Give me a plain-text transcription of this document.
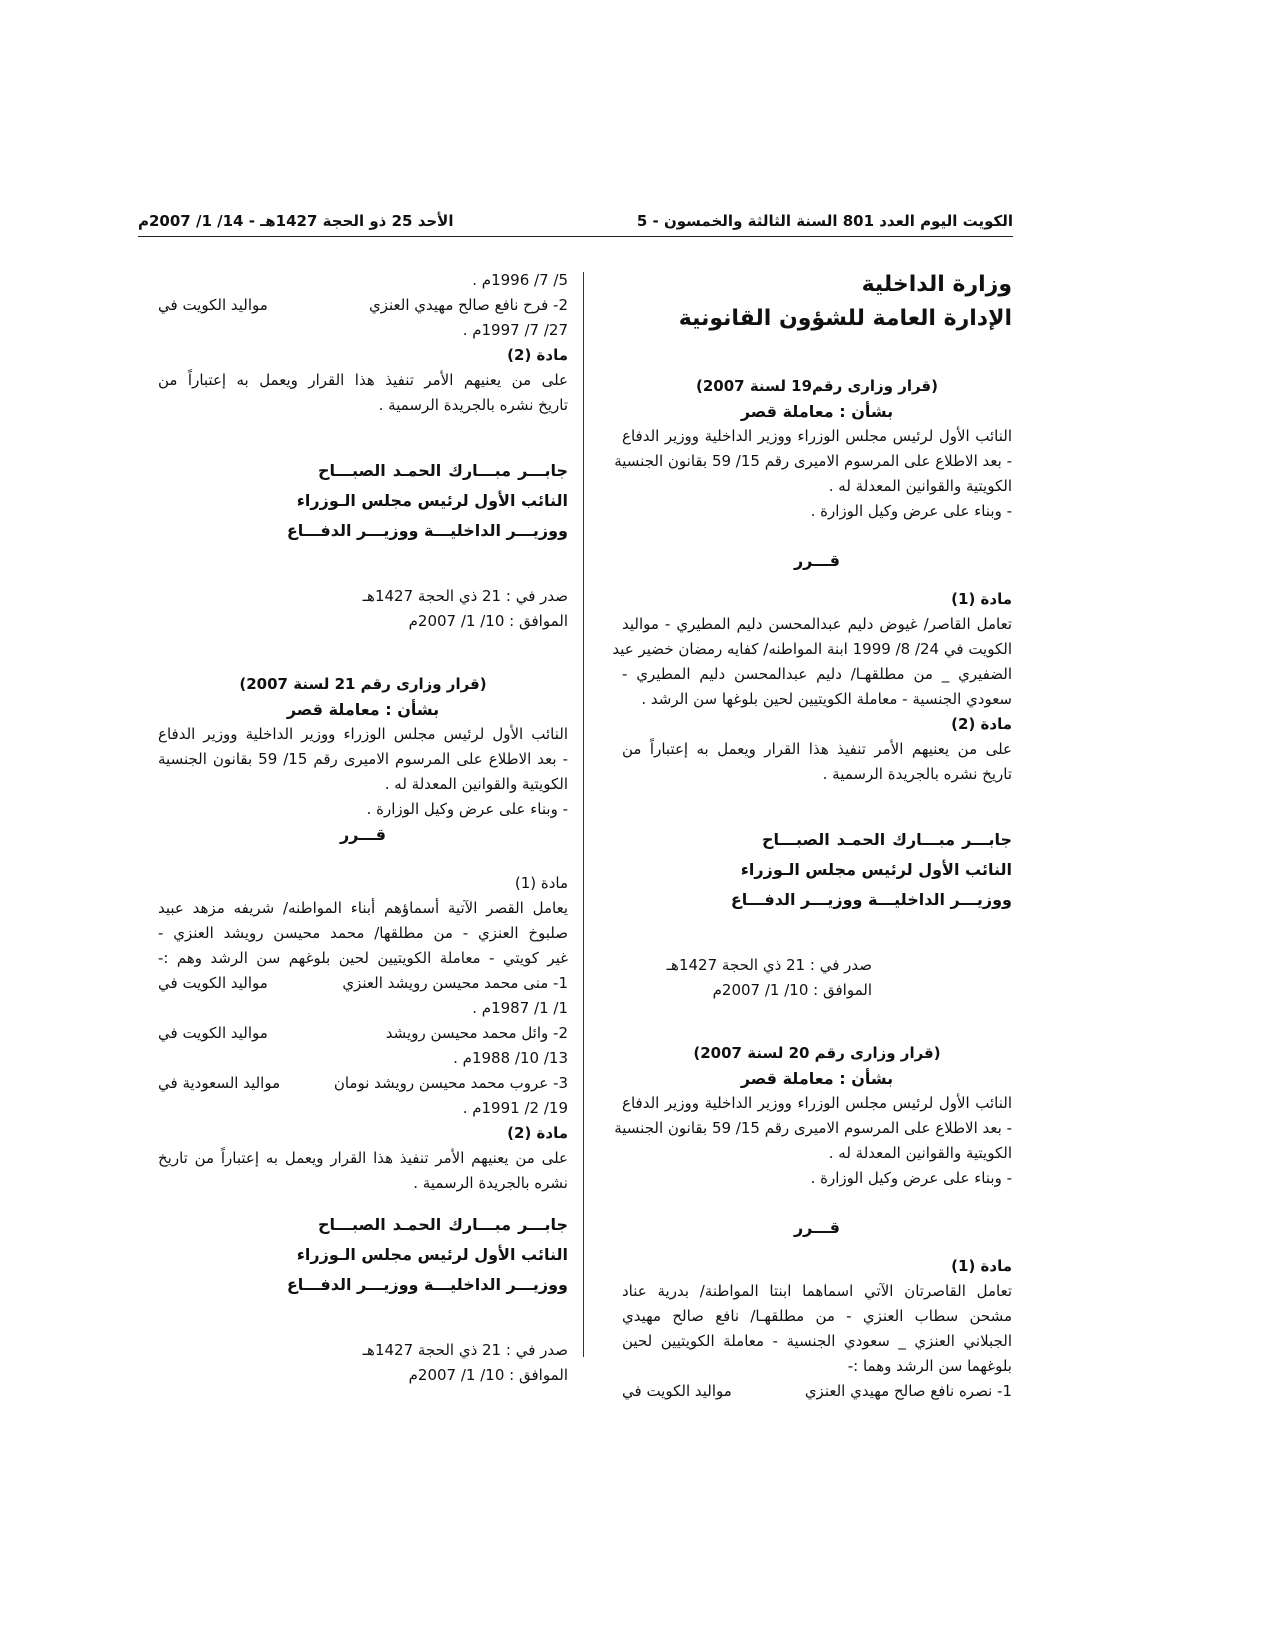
الكويت اليوم العدد 801 السنة الثالثة والخمسون - 5
الأحد 25 ذو الحجة 1427هـ - 14/ 1/ 2007م
وزارة الداخلية
الإدارة العامة للشؤون القانونية
(قرار وزارى رقم19 لسنة 2007)
بشأن : معاملة قصر

النائب الأول لرئيس مجلس الوزراء ووزير الداخلية ووزير الدفاع

- بعد الاطلاع على المرسوم الاميرى رقم 15/ 59 بقانون الجنسية

الكويتية والقوانين المعدلة له .

- وبناء على عرض وكيل الوزارة .

قـــرر

مادة (1)

تعامل القاصر/ غيوض دليم عبدالمحسن دليم المطيري - مواليد

الكويت في 24/ 8/ 1999 ابنة المواطنه/ كفايه رمضان خضير عيد

الضفيري _ من مطلقهـا/ دليم عبدالمحسن دليم المطيري -

سعودي الجنسية - معاملة الكويتيين لحين بلوغها سن الرشد .

مادة (2)

على من يعنيهم الأمر تنفيذ هذا القرار ويعمل به إعتباراً من

تاريخ نشره بالجريدة الرسمية .

جابـــر مبـــارك الحمـد الصبـــاح
النائب الأول لرئيس مجلس الـوزراء
ووزيـــر الداخليـــة ووزيـــر الدفـــاع

صدر في : 21 ذي الحجة 1427هـ

الموافق : 10/ 1/ 2007م

(قرار وزارى رقم 20 لسنة 2007)
بشأن : معاملة قصر

النائب الأول لرئيس مجلس الوزراء ووزير الداخلية ووزير الدفاع

- بعد الاطلاع على المرسوم الاميرى رقم 15/ 59 بقانون الجنسية

الكويتية والقوانين المعدلة له .

- وبناء على عرض وكيل الوزارة .

قـــرر

مادة (1)

تعامل القاصرتان الآتي اسماهما ابنتا المواطنة/ بدرية عناد

مشحن سطاب العنزي - من مطلقهـا/ نافع صالح مهيدي

الجبلاني العنزي _ سعودي الجنسية - معاملة الكويتيين لحين

بلوغهما سن الرشد وهما :-

1- نصره نافع صالح مهيدي العنزي
مواليد الكويت في

5/ 7/ 1996م .

2- فرح نافع صالح مهيدي العنزي
مواليد الكويت في

27/ 7/ 1997م .

مادة (2)

على من يعنيهم الأمر تنفيذ هذا القرار ويعمل به إعتباراً من

تاريخ نشره بالجريدة الرسمية .

جابـــر مبـــارك الحمـد الصبـــاح
النائب الأول لرئيس مجلس الـوزراء
ووزيـــر الداخليـــة ووزيـــر الدفـــاع

صدر في : 21 ذي الحجة 1427هـ

الموافق : 10/ 1/ 2007م

(قرار وزارى رقم 21 لسنة 2007)
بشأن : معاملة قصر

النائب الأول لرئيس مجلس الوزراء ووزير الداخلية ووزير الدفاع

- بعد الاطلاع على المرسوم الاميرى رقم 15/ 59 بقانون الجنسية

الكويتية والقوانين المعدلة له .

- وبناء على عرض وكيل الوزارة .

قـــرر

مادة (1)

يعامل القصر الآتية أسماؤهم أبناء المواطنه/ شريفه مزهد عبيد

صلبوخ العنزي - من مطلقها/ محمد محيسن رويشد العنزي -

غير كويتي - معاملة الكويتيين لحين بلوغهم سن الرشد وهم :-

1- منى محمد محيسن رويشد العنزي
مواليد الكويت في

1/ 1/ 1987م .

2- وائل محمد محيسن رويشد
مواليد الكويت في

13/ 10/ 1988م .

3- عروب محمد محيسن رويشد نومان
مواليد السعودية في

19/ 2/ 1991م .

مادة (2)

على من يعنيهم الأمر تنفيذ هذا القرار ويعمل به إعتباراً من تاريخ

نشره بالجريدة الرسمية .

جابـــر مبـــارك الحمـد الصبـــاح
النائب الأول لرئيس مجلس الـوزراء
ووزيـــر الداخليـــة ووزيـــر الدفـــاع

صدر في : 21 ذي الحجة 1427هـ

الموافق : 10/ 1/ 2007م
